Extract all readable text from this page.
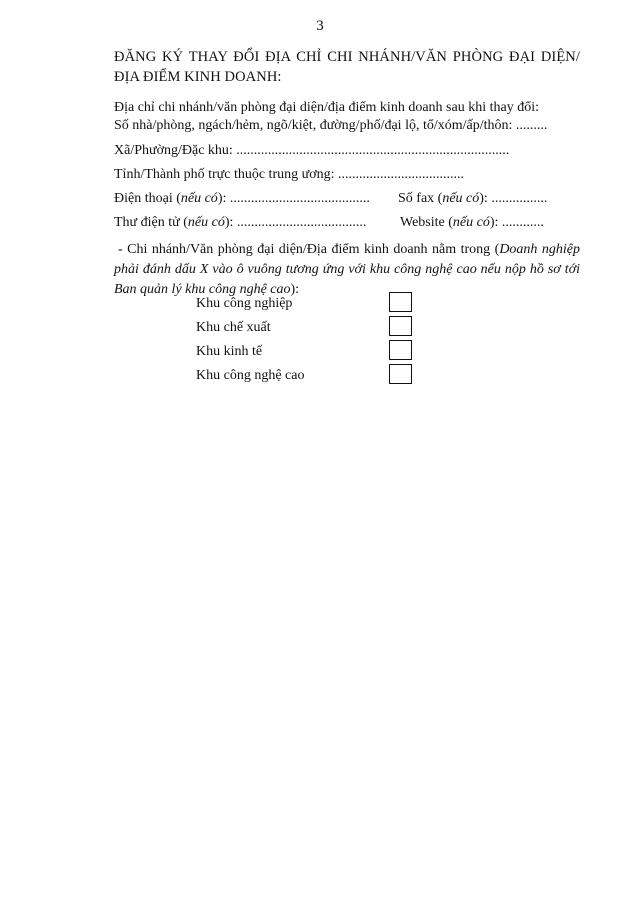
3
ĐĂNG KÝ THAY ĐỔI ĐỊA CHỈ CHI NHÁNH/VĂN PHÒNG ĐẠI DIỆN/ĐỊA ĐIỂM KINH DOANH:
Địa chỉ chi nhánh/văn phòng đại diện/địa điểm kinh doanh sau khi thay đổi:
Số nhà/phòng, ngách/hẻm, ngõ/kiệt, đường/phố/đại lộ, tổ/xóm/ấp/thôn: .........
Xã/Phường/Đặc khu: ..............................................................................
Tỉnh/Thành phố trực thuộc trung ương: ....................................
Điện thoại (nếu có): ........................................ Số fax (nếu có): ................
Thư điện tử (nếu có): ..................................... Website (nếu có): ............
- Chi nhánh/Văn phòng đại diện/Địa điểm kinh doanh nằm trong (Doanh nghiệp phải đánh dấu X vào ô vuông tương ứng với khu công nghệ cao nếu nộp hồ sơ tới Ban quản lý khu công nghệ cao):
Khu công nghiệp
Khu chế xuất
Khu kinh tế
Khu công nghệ cao
